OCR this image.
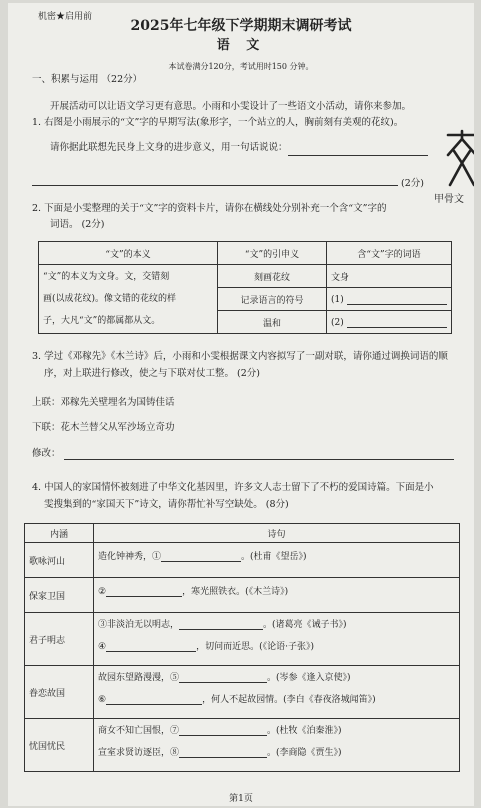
机密★启用前
2025年七年级下学期期末调研考试
语 文
本试卷满分120分，考试用时150 分钟。
一、积累与运用 （22分）
开展活动可以让语文学习更有意思。小雨和小雯设计了一些语文小活动，请你来参加。
1. 右图是小雨展示的“文”字的早期写法(象形字，一个站立的人，胸前刻有美观的花纹)。
请你据此联想先民身上文身的进步意义，用一句话说说：
(2分)
甲骨文
2. 下面是小雯整理的关于“文”字的资料卡片，请你在横线处分别补充一个含“文”字的
词语。 (2分)
“文”的本义	“文”的引申义	含“文”字的词语

“文”的本义为文身。文，交错刻
画(以成花纹)。像文错的花纹的样
子，大凡“文”的都属都从文。	刻画花纹	文身
	记录语言的符号	(1)
	温和	(2)
3. 学过《邓稼先》《木兰诗》后，小雨和小雯根据课文内容拟写了一副对联，请你通过调换词语的顺
序，对上联进行修改，使之与下联对仗工整。 (2分)
上联：邓稼先关壁埋名为国铸佳话
下联：花木兰替父从军沙场立奇功
修改：
4. 中国人的家国情怀被刻进了中华文化基因里，许多文人志士留下了不朽的爱国诗篇。下面是小
雯搜集到的“家国天下”诗文，请你帮忙补写空缺处。 (8分)
内涵	诗句
歌咏河山	造化钟神秀，① 。(杜甫《望岳》)

保家卫国	② ，寒光照铁衣。(《木兰诗》)

君子明志	③非淡泊无以明志， 。(诸葛亮《诫子书》)
④ ，切问而近思。(《论语·子张》)

眷恋故国	故园东望路漫漫，⑤ 。(岑参《逢入京使》)
⑥ ，何人不起故园情。(李白《春夜洛城闻笛》)

忧国忧民	商女不知亡国恨，⑦ 。(杜牧《泊秦淮》)
宣室求贤访逐臣，⑧ 。(李商隐《贾生》)
第1页
